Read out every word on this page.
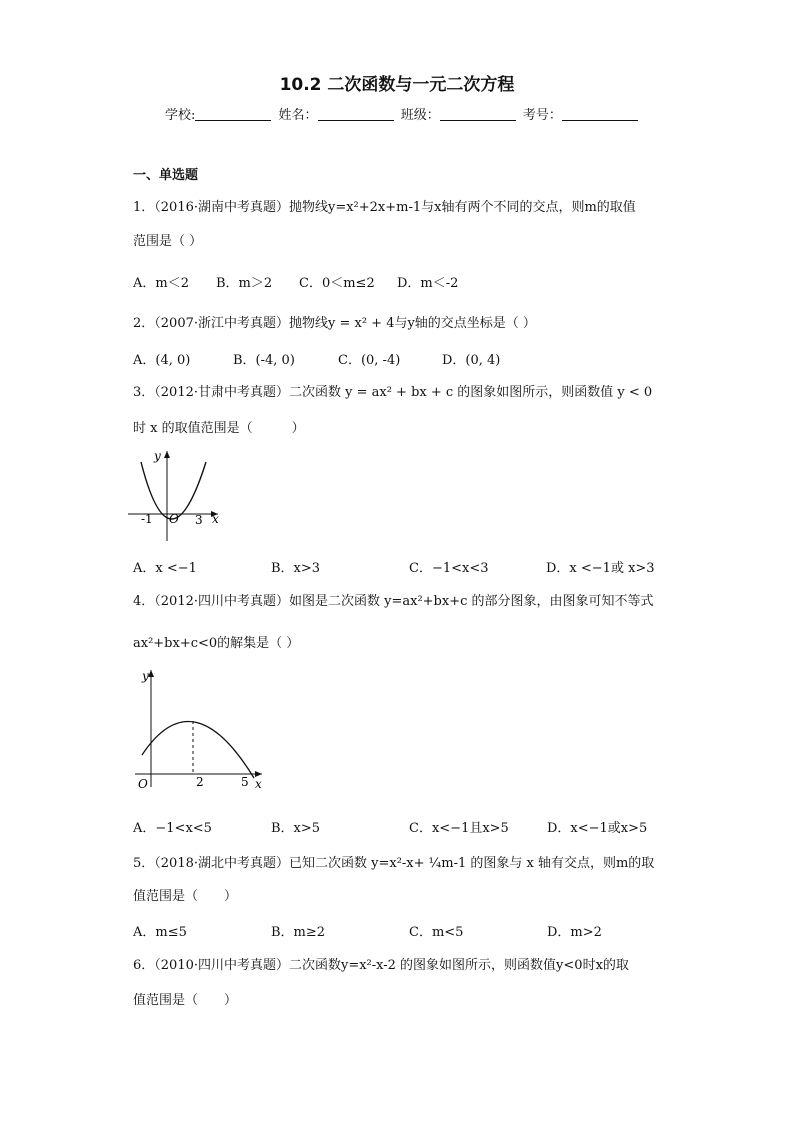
10.2 二次函数与一元二次方程
学校:	姓名：	班级：	考号：
一、单选题
1．（2016·湖南中考真题）抛物线y=x²+2x+m-1与x轴有两个不同的交点，则m的取值
范围是（ ）
A．m＜2 B．m＞2 C．0＜m≤2 D．m＜-2
2．（2007·浙江中考真题）抛物线y = x² + 4与y轴的交点坐标是（ ）
A．(4, 0)	B．(-4, 0)	C．(0, -4)	D．(0, 4)
3．（2012·甘肃中考真题）二次函数 y = ax² + bx + c 的图象如图所示，则函数值 y < 0
时 x 的取值范围是（　　　）
y
x
-1 O 3
A．x <−1	B．x>3	C．−1<x<3	D．x <−1或 x>3
4．（2012·四川中考真题）如图是二次函数 y=ax²+bx+c 的部分图象，由图象可知不等式
ax²+bx+c<0的解集是（ ）
y
x
O	2	5
A．−1<x<5	B．x>5	C．x<−1且x>5	D．x<−1或x>5
5．（2018·湖北中考真题）已知二次函数 y=x²-x+ ¼m-1 的图象与 x 轴有交点，则m的取
值范围是（　　）
A．m≤5	B．m≥2	C．m<5	D．m>2
6．（2010·四川中考真题）二次函数y=x²-x-2 的图象如图所示，则函数值y<0时x的取
值范围是（　　）
